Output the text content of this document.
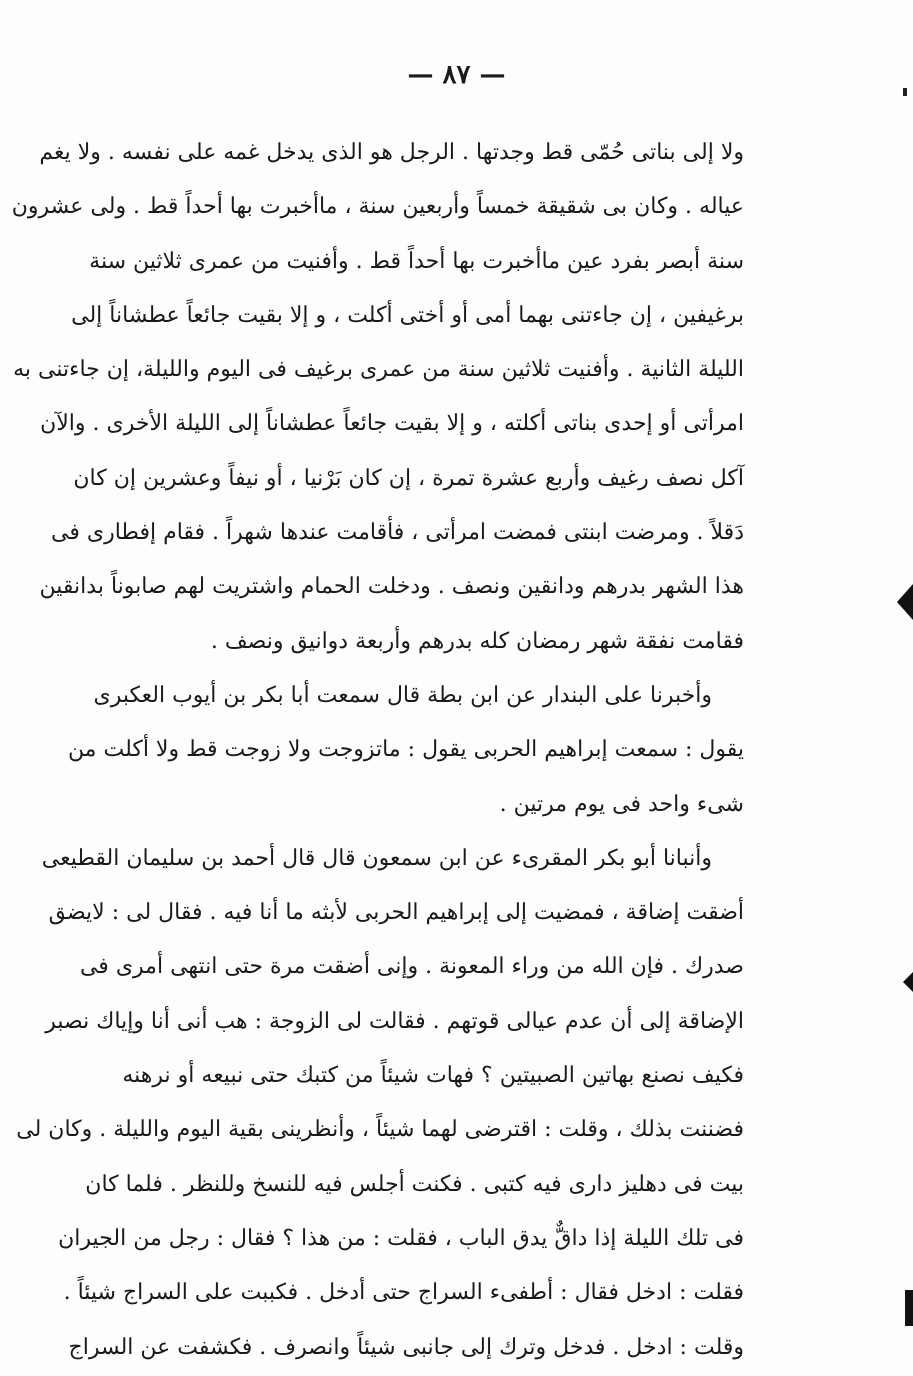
— ٨٧ —
ولا إلى بناتى حُمّى قط وجدتها . الرجل هو الذى يدخل غمه على نفسه . ولا يغم
عياله . وكان بى شقيقة خمساً وأربعين سنة ، ماأخبرت بها أحداً قط . ولى عشرون
سنة أبصر بفرد عين ماأخبرت بها أحداً قط . وأفنيت من عمرى ثلاثين سنة
برغيفين ، إن جاءتنى بهما أمى أو أختى أكلت ، و إلا بقيت جائعاً عطشاناً إلى
الليلة الثانية . وأفنيت ثلاثين سنة من عمرى برغيف فى اليوم والليلة، إن جاءتنى به
امرأتى أو إحدى بناتى أكلته ، و إلا بقيت جائعاً عطشاناً إلى الليلة الأخرى . والآن
آكل نصف رغيف وأربع عشرة تمرة ، إن كان بَرْنيا ، أو نيفاً وعشرين إن كان
دَقلاً . ومرضت ابنتى فمضت امرأتى ، فأقامت عندها شهراً . فقام إفطارى فى
هذا الشهر بدرهم ودانقين ونصف . ودخلت الحمام واشتريت لهم صابوناً بدانقين
فقامت نفقة شهر رمضان كله بدرهم وأربعة دوانيق ونصف .
وأخبرنا على البندار عن ابن بطة قال سمعت أبا بكر بن أيوب العكبرى
يقول : سمعت إبراهيم الحربى يقول : ماتزوجت ولا زوجت قط ولا أكلت من
شىء واحد فى يوم مرتين .
وأنبانا أبو بكر المقرىء عن ابن سمعون قال قال أحمد بن سليمان القطيعى
أضقت إضاقة ، فمضيت إلى إبراهيم الحربى لأبثه ما أنا فيه . فقال لى : لايضق
صدرك . فإن الله من وراء المعونة . وإنى أضقت مرة حتى انتهى أمرى فى
الإضاقة إلى أن عدم عيالى قوتهم . فقالت لى الزوجة : هب أنى أنا وإياك نصبر
فكيف نصنع بهاتين الصبيتين ؟ فهات شيئاً من كتبك حتى نبيعه أو نرهنه
فضننت بذلك ، وقلت : اقترضى لهما شيئاً ، وأنظرينى بقية اليوم والليلة . وكان لى
بيت فى دهليز دارى فيه كتبى . فكنت أجلس فيه للنسخ وللنظر . فلما كان
فى تلك الليلة إذا داقٌّ يدق الباب ، فقلت : من هذا ؟ فقال : رجل من الجيران
فقلت : ادخل فقال : أطفىء السراج حتى أدخل . فكببت على السراج شيئاً .
وقلت : ادخل . فدخل وترك إلى جانبى شيئاً وانصرف . فكشفت عن السراج
